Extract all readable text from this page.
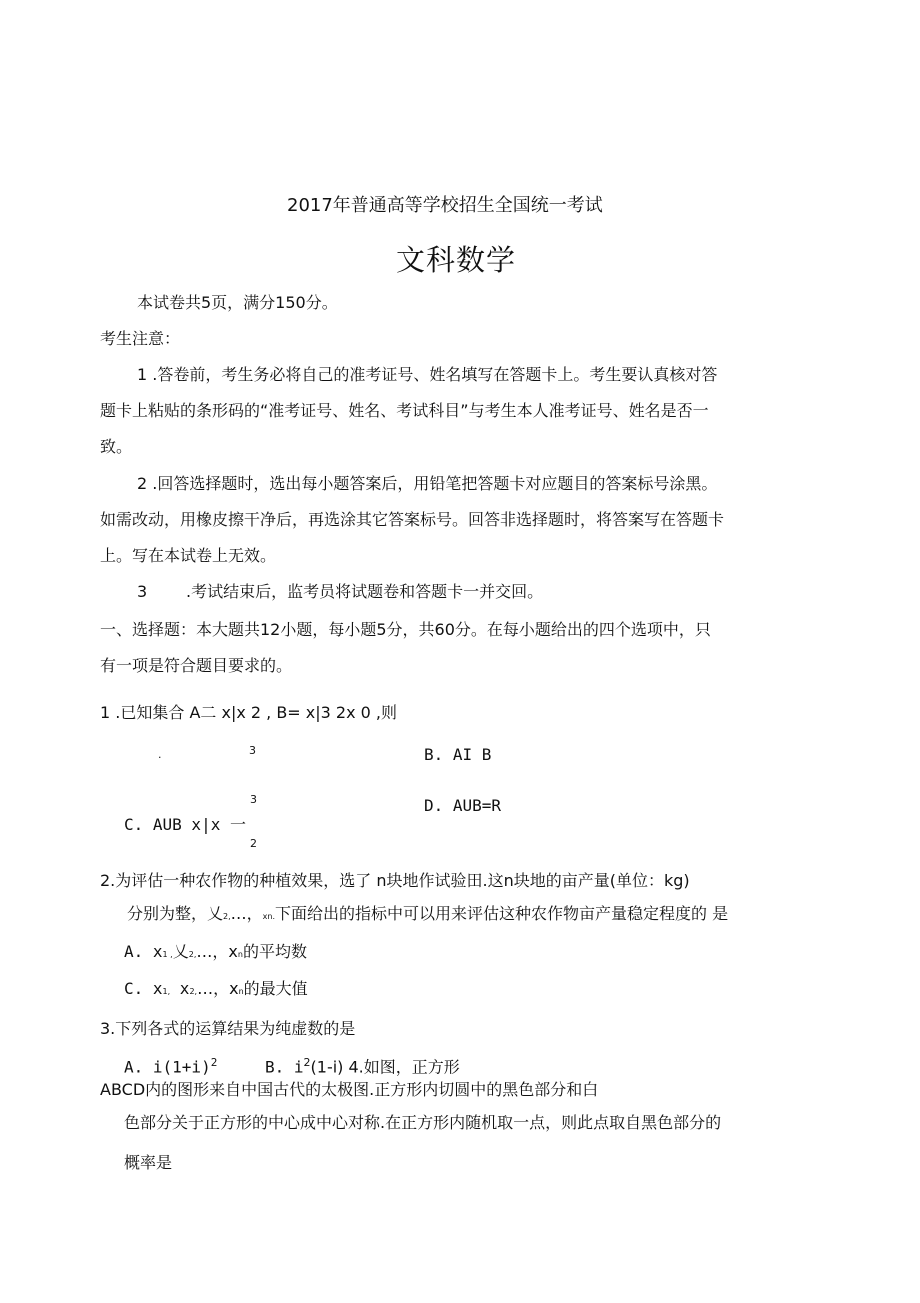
2017年普通高等学校招生全国统一考试
文科数学
本试卷共5页，满分150分。
考生注意：
1 .答卷前，考生务必将自己的准考证号、姓名填写在答题卡上。考生要认真核对答
题卡上粘贴的条形码的“准考证号、姓名、考试科目”与考生本人准考证号、姓名是否一
致。
2 .回答选择题时，选出每小题答案后，用铅笔把答题卡对应题目的答案标号涂黑。
如需改动，用橡皮擦干净后，再选涂其它答案标号。回答非选择题时，将答案写在答题卡
上。写在本试卷上无效。
3 .考试结束后，监考员将试题卷和答题卡一并交回。
一、选择题：本大题共12小题，每小题5分，共60分。在每小题给出的四个选项中，只
有一项是符合题目要求的。
1 .已知集合 A二 x|x 2 , B= x|3 2x 0 ,则
.	3	B. AI B
3	D. AUB=R
C. AUB x|x 一
2
2.为评估一种农作物的种植效果，选了 n块地作试验田.这n块地的亩产量(单位：kg)
分别为整，乂2,…，xn.下面给出的指标中可以用来评估这种农作物亩产量稳定程度的 是
A. x1 ,乂2,…，xn的平均数
C. x1, x2,…，xn的最大值
3.下列各式的运算结果为纯虚数的是
A. $i(1+i)^2$	B. $i^2(1-i)$ 4.如图，正方形
ABCD内的图形来自中国古代的太极图.正方形内切圆中的黑色部分和白
色部分关于正方形的中心成中心对称.在正方形内随机取一点，则此点取自黑色部分的
概率是
